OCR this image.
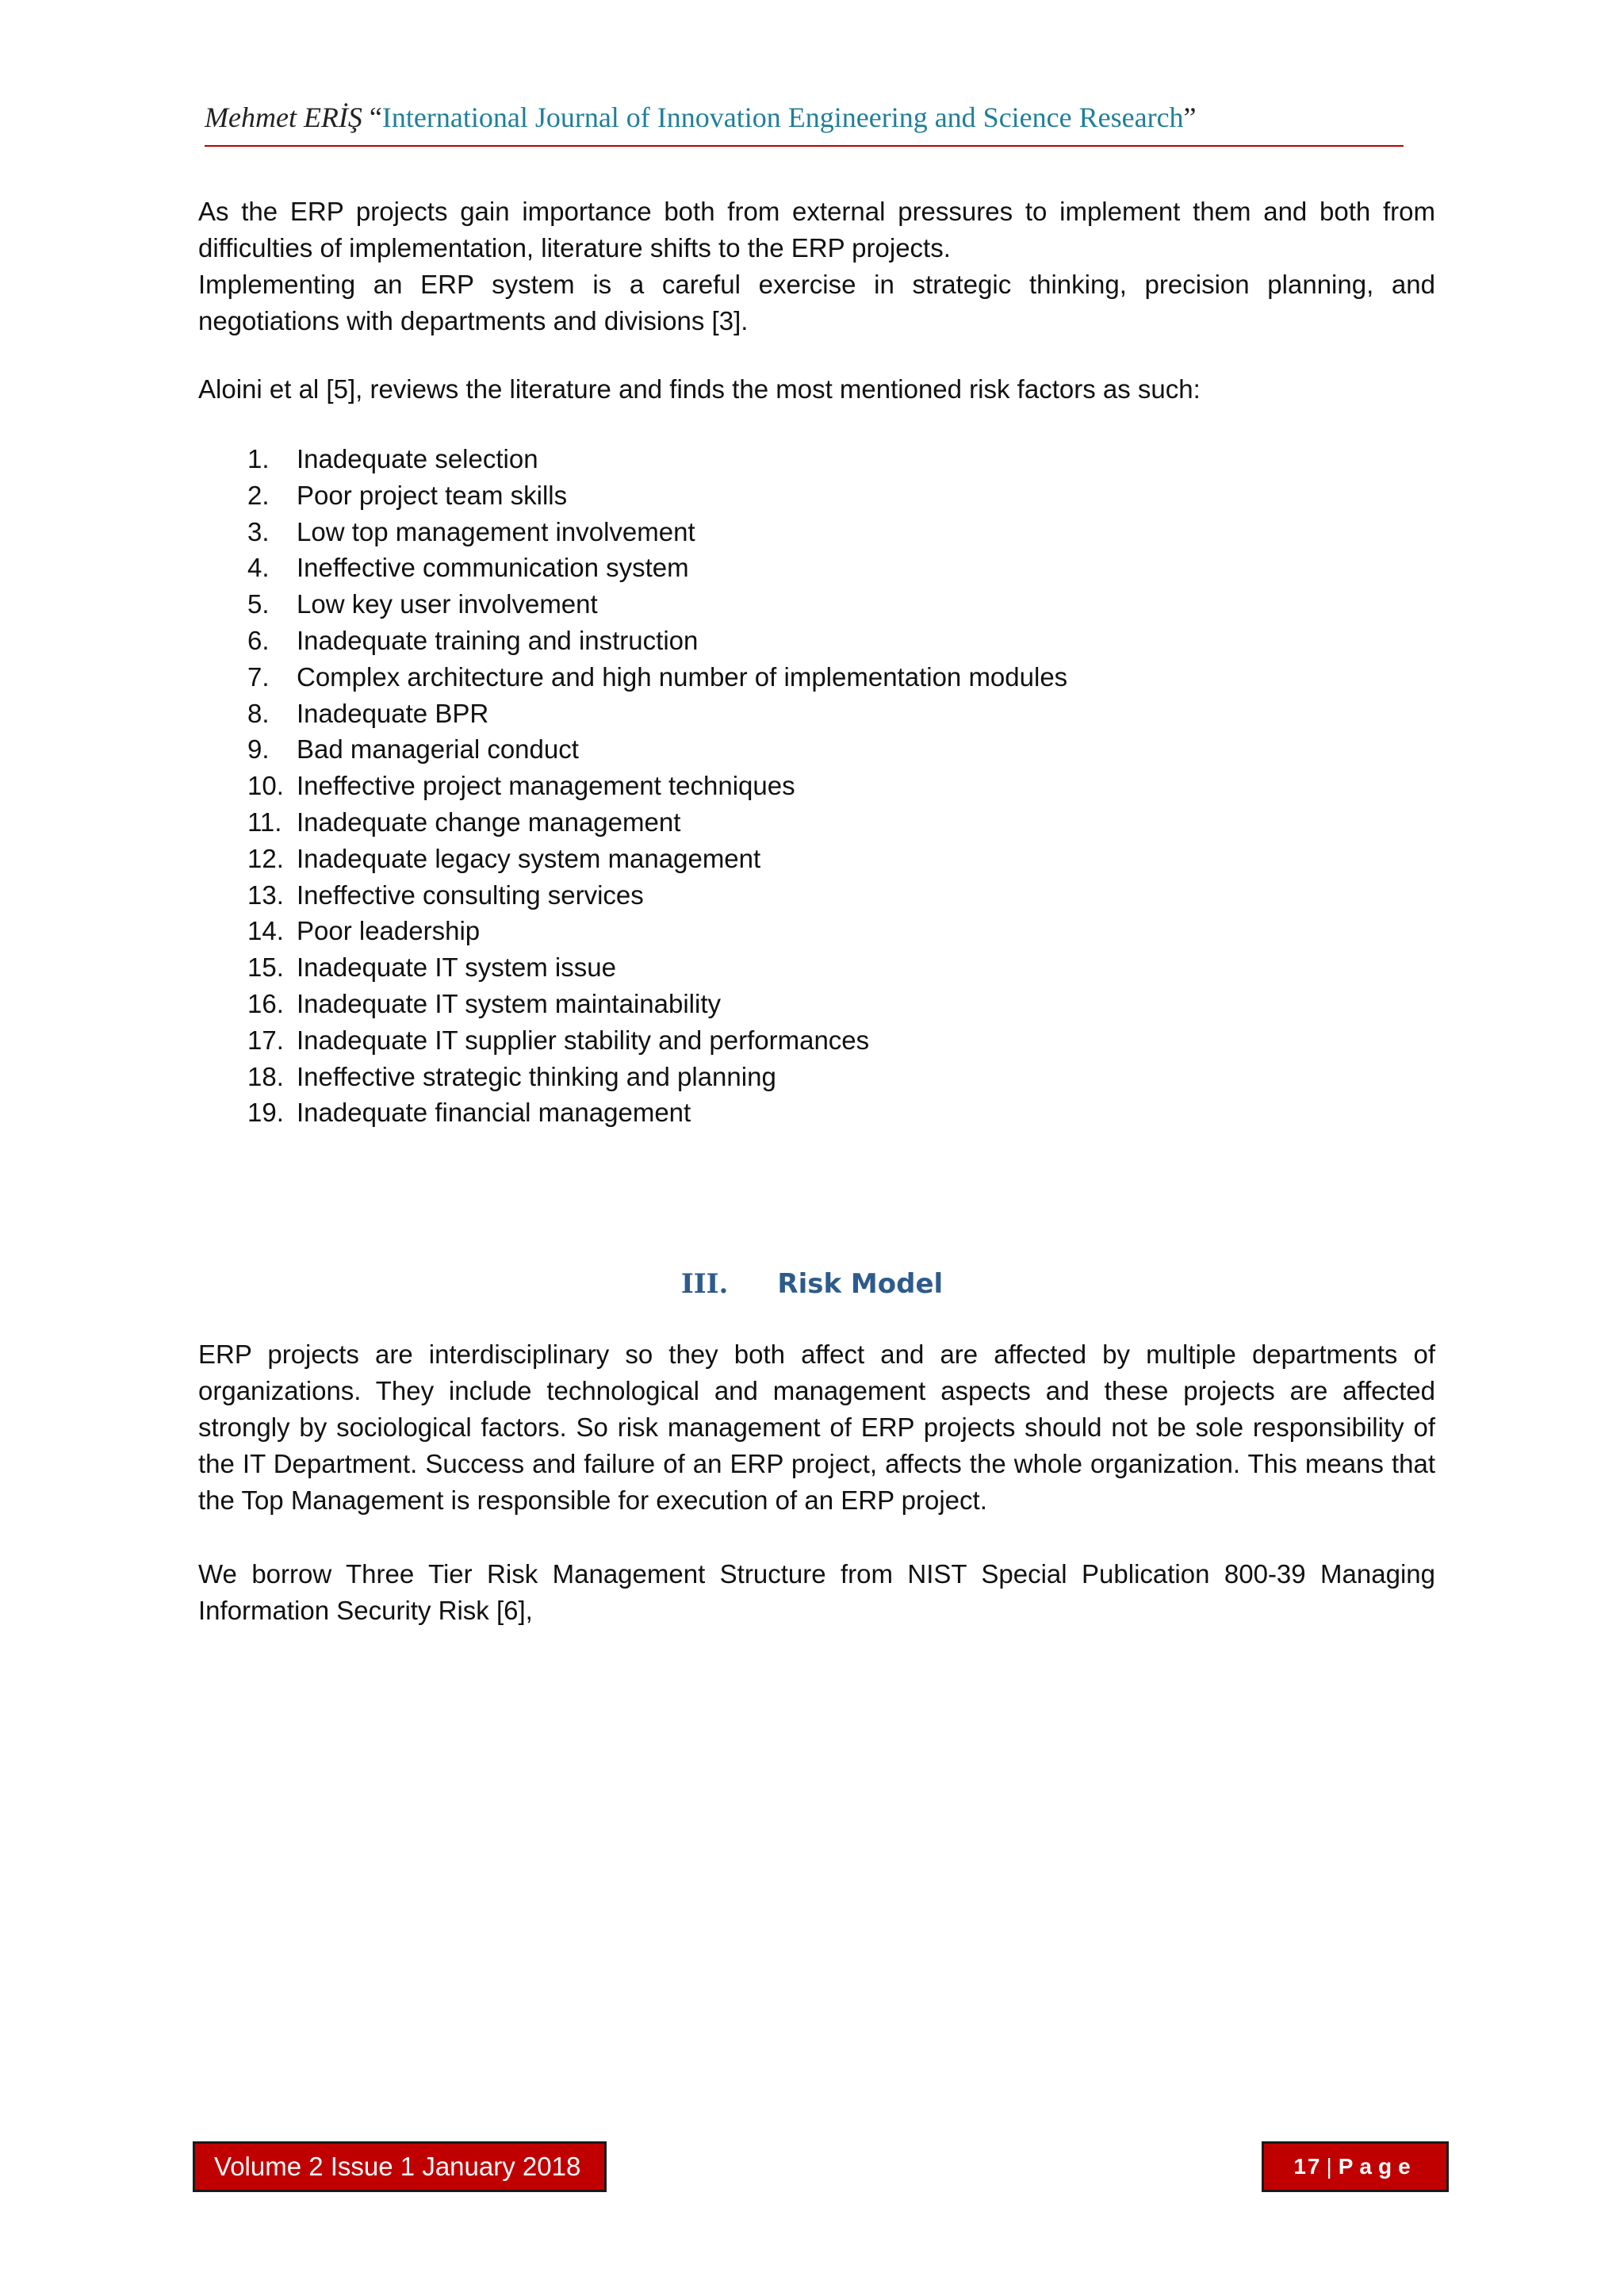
Mehmet ERİŞ “International Journal of Innovation Engineering and Science Research”

As the ERP projects gain importance both from external pressures to implement them and both from difficulties of implementation, literature shifts to the ERP projects.

Implementing an ERP system is a careful exercise in strategic thinking, precision planning, and negotiations with departments and divisions [3].

Aloini et al [5], reviews the literature and finds the most mentioned risk factors as such:

1.	Inadequate selection
2.	Poor project team skills
3.	Low top management involvement
4.	Ineffective communication system
5.	Low key user involvement
6.	Inadequate training and instruction
7.	Complex architecture and high number of implementation modules
8.	Inadequate BPR
9.	Bad managerial conduct
10. Ineffective project management techniques
11. Inadequate change management
12. Inadequate legacy system management
13. Ineffective consulting services
14. Poor leadership
15. Inadequate IT system issue
16. Inadequate IT system maintainability
17. Inadequate IT supplier stability and performances
18. Ineffective strategic thinking and planning
19. Inadequate financial management
III. Risk Model

ERP projects are interdisciplinary so they both affect and are affected by multiple departments of organizations. They include technological and management aspects and these projects are affected strongly by sociological factors. So risk management of ERP projects should not be sole responsibility of the IT Department. Success and failure of an ERP project, affects the whole organization. This means that the Top Management is responsible for execution of an ERP project.

We borrow Three Tier Risk Management Structure from NIST Special Publication 800-39 Managing Information Security Risk [6],

Volume 2 Issue 1 January 2018	17 | Page
